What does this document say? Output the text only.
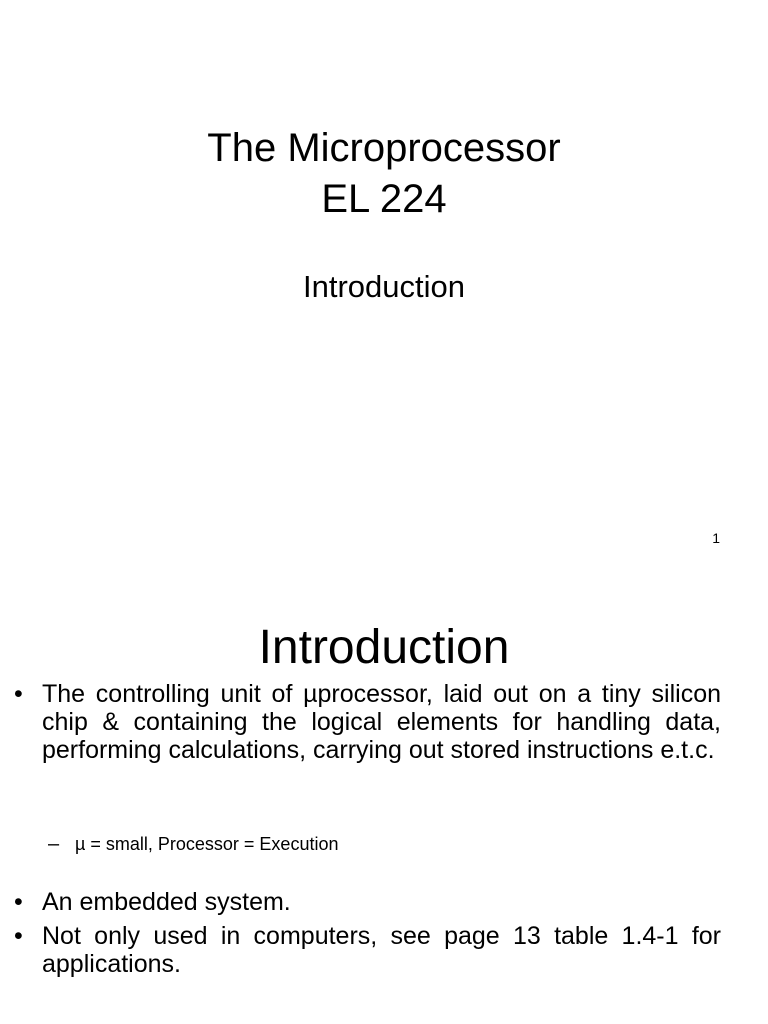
The Microprocessor
EL 224
Introduction
1
Introduction
• The controlling unit of µprocessor, laid out on a tiny silicon chip & containing the logical elements for handling data, performing calculations, carrying out stored instructions e.t.c.
– µ = small, Processor = Execution
• An embedded system.
• Not only used in computers, see page 13 table 1.4-1 for applications.
